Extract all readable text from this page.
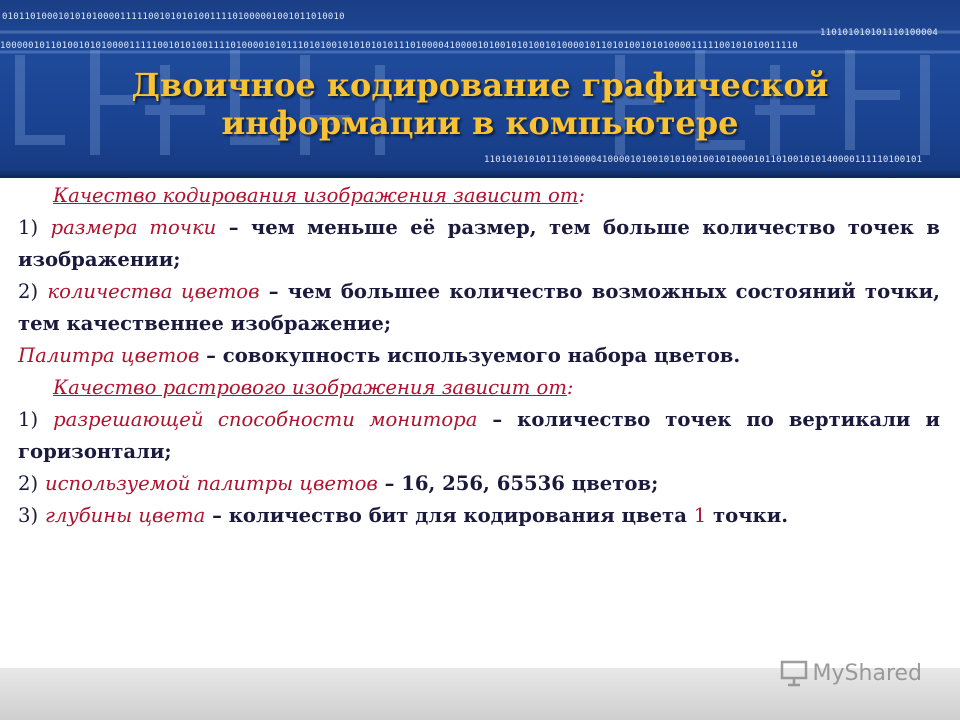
0101101000101010100001111100101010100111101000001001011010010
1000001011010010101000011111001010100111101000010101110101001010101010111010000410000101001010100101000010110101001010100001111100101010011110
110101010101110100004
110101010101110100004100001010010101001001010000101101001010140000111110100101
Двоичное кодирование графической
информации в компьютере

Качество кодирования изображения зависит от:

1) размера точки – чем меньше её размер, тем больше количество точек в изображении;

2) количества цветов – чем большее количество возможных состояний точки, тем качественнее изображение;

Палитра цветов – совокупность используемого набора цветов.

Качество растрового изображения зависит от:

1) разрешающей способности монитора – количество точек по вертикали и горизонтали;

2) используемой палитры цветов – 16, 256, 65536 цветов;

3) глубины цвета – количество бит для кодирования цвета 1 точки.

MyShared
